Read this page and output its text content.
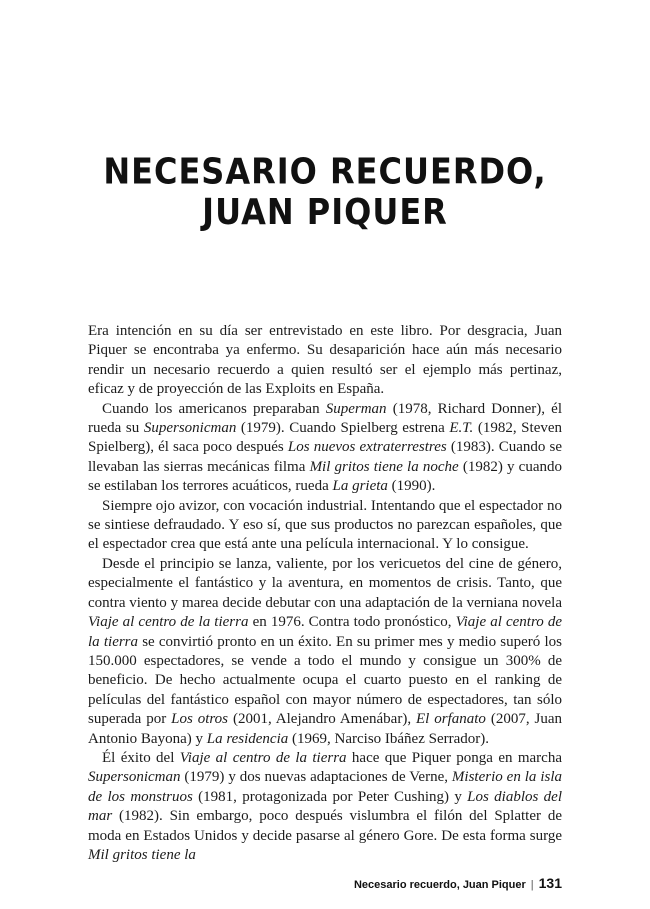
NECESARIO RECUERDO,
JUAN PIQUER

Era intención en su día ser entrevistado en este libro. Por desgracia, Juan Piquer se encontraba ya enfermo. Su desaparición hace aún más necesario rendir un necesario recuerdo a quien resultó ser el ejemplo más pertinaz, eficaz y de proyección de las Exploits en España.

Cuando los americanos preparaban Superman (1978, Richard Donner), él rueda su Supersonicman (1979). Cuando Spielberg estrena E.T. (1982, Steven Spielberg), él saca poco después Los nuevos extraterrestres (1983). Cuando se llevaban las sierras mecánicas filma Mil gritos tiene la noche (1982) y cuando se estilaban los terrores acuáticos, rueda La grieta (1990).

Siempre ojo avizor, con vocación industrial. Intentando que el espectador no se sintiese defraudado. Y eso sí, que sus productos no parezcan españoles, que el espectador crea que está ante una película internacional. Y lo consigue.

Desde el principio se lanza, valiente, por los vericuetos del cine de género, especialmente el fantástico y la aventura, en momentos de crisis. Tanto, que contra viento y marea decide debutar con una adaptación de la verniana novela Viaje al centro de la tierra en 1976. Contra todo pronóstico, Viaje al centro de la tierra se convirtió pronto en un éxito. En su primer mes y medio superó los 150.000 espectadores, se vende a todo el mundo y consigue un 300% de beneficio. De hecho actualmente ocupa el cuarto puesto en el ranking de películas del fantástico español con mayor número de espectadores, tan sólo superada por Los otros (2001, Alejandro Amenábar), El orfanato (2007, Juan Antonio Bayona) y La residencia (1969, Narciso Ibáñez Serrador).

Él éxito del Viaje al centro de la tierra hace que Piquer ponga en marcha Supersonicman (1979) y dos nuevas adaptaciones de Verne, Misterio en la isla de los monstruos (1981, protagonizada por Peter Cushing) y Los diablos del mar (1982). Sin embargo, poco después vislumbra el filón del Splatter de moda en Estados Unidos y decide pasarse al género Gore. De esta forma surge Mil gritos tiene la

Necesario recuerdo, Juan Piquer | 131
